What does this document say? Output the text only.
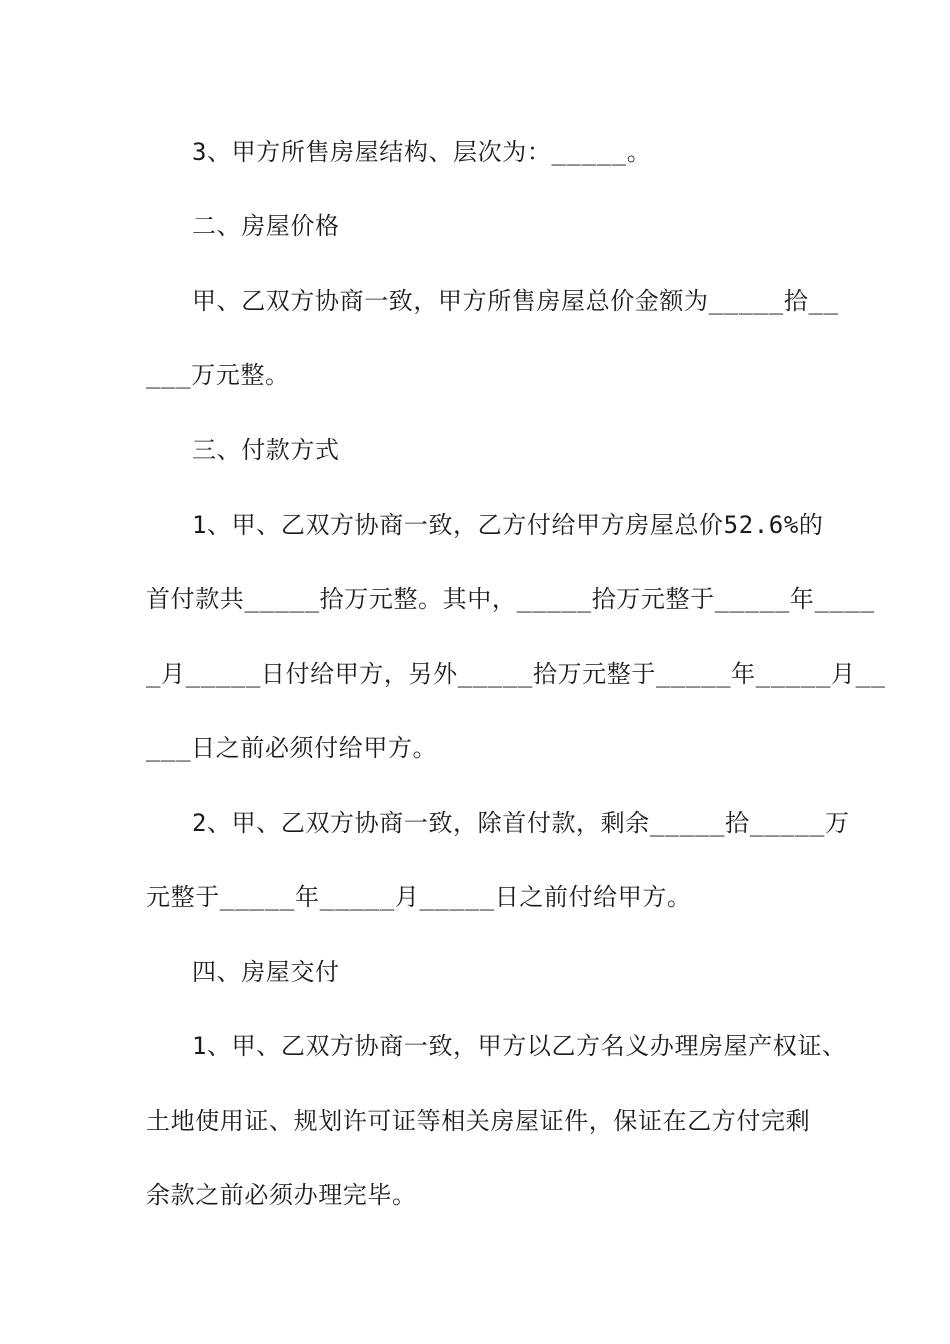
3、甲方所售房屋结构、层次为：_____。
二、房屋价格
甲、乙双方协商一致，甲方所售房屋总价金额为_____拾__
___万元整。
三、付款方式
1、甲、乙双方协商一致，乙方付给甲方房屋总价52.6%的
首付款共_____拾万元整。其中，_____拾万元整于_____年____
_月_____日付给甲方，另外_____拾万元整于_____年_____月__
___日之前必须付给甲方。
2、甲、乙双方协商一致，除首付款，剩余_____拾_____万
元整于_____年_____月_____日之前付给甲方。
四、房屋交付
1、甲、乙双方协商一致，甲方以乙方名义办理房屋产权证、
土地使用证、规划许可证等相关房屋证件，保证在乙方付完剩
余款之前必须办理完毕。
